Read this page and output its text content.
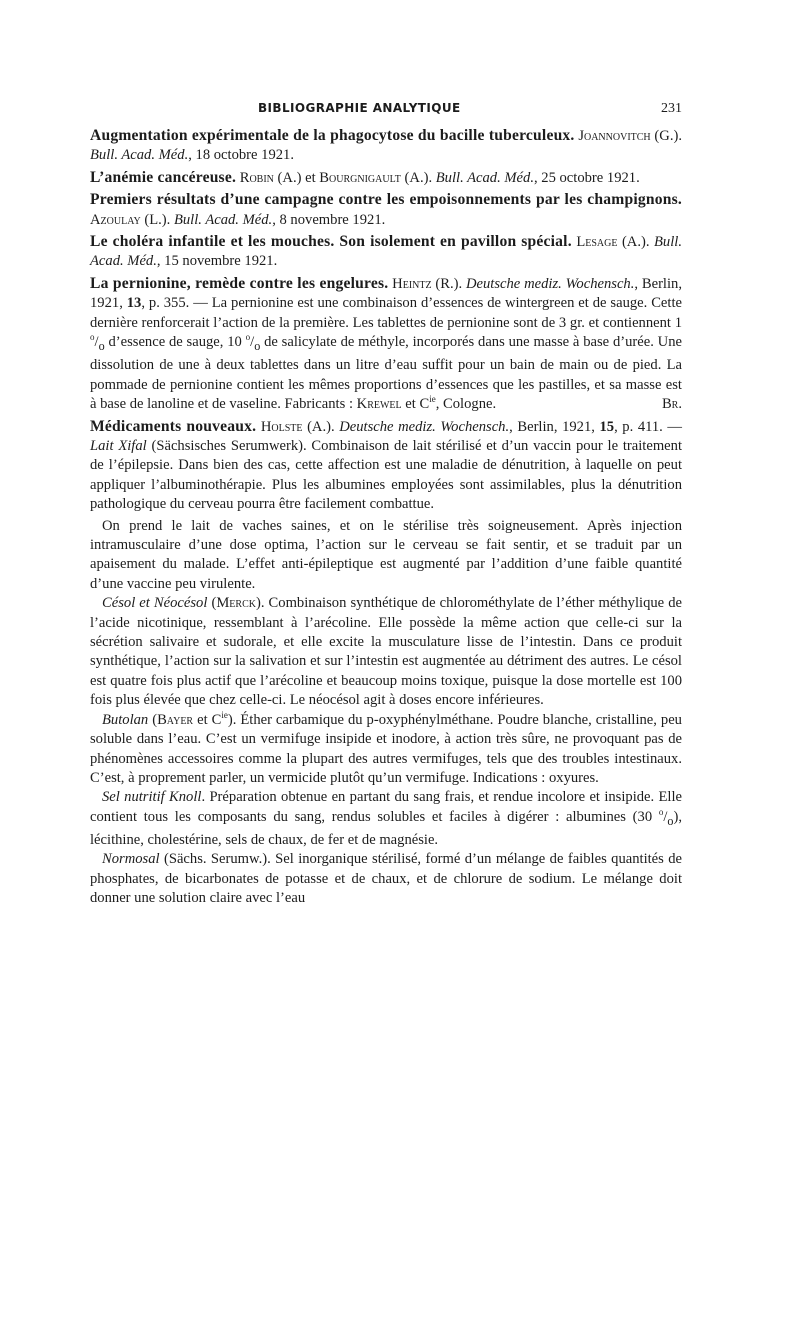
BIBLIOGRAPHIE ANALYTIQUE	231

Augmentation expérimentale de la phagocytose du bacille tuberculeux. Joannovitch (G.). Bull. Acad. Méd., 18 octobre 1921.

L’anémie cancéreuse. Robin (A.) et Bourgnigault (A.). Bull. Acad. Méd., 25 octobre 1921.

Premiers résultats d’une campagne contre les empoisonnements par les champignons. Azoulay (L.). Bull. Acad. Méd., 8 novembre 1921.

Le choléra infantile et les mouches. Son isolement en pavillon spécial. Lesage (A.). Bull. Acad. Méd., 15 novembre 1921.

La pernionine, remède contre les engelures. Heintz (R.). Deutsche mediz. Wochensch., Berlin, 1921, 13, p. 355. — La pernionine est une combinaison d’essences de wintergreen et de sauge. Cette dernière renforcerait l’action de la première. Les tablettes de pernionine sont de 3 gr. et contiennent 1 $^o/_o$ d’essence de sauge, 10 $^o/_o$ de salicylate de méthyle, incorporés dans une masse à base d’urée. Une dissolution de une à deux tablettes dans un litre d’eau suffit pour un bain de main ou de pied. La pommade de pernionine contient les mêmes proportions d’essences que les pastilles, et sa masse est à base de lanoline et de vaseline. Fabricants : Krewel et $C^{ie}$, Cologne.	Br.

Médicaments nouveaux. Holste (A.). Deutsche mediz. Wochensch., Berlin, 1921, 15, p. 411. — Lait Xifal (Sächsisches Serumwerk). Combinaison de lait stérilisé et d’un vaccin pour le traitement de l’épilepsie. Dans bien des cas, cette affection est une maladie de dénutrition, à laquelle on peut appliquer l’albuminothérapie. Plus les albumines employées sont assimilables, plus la dénutrition pathologique du cerveau pourra être facilement combattue.

On prend le lait de vaches saines, et on le stérilise très soigneusement. Après injection intramusculaire d’une dose optima, l’action sur le cerveau se fait sentir, et se traduit par un apaisement du malade. L’effet anti-épileptique est augmenté par l’addition d’une faible quantité d’une vaccine peu virulente.

Césol et Néocésol (Merck). Combinaison synthétique de chlorométhylate de l’éther méthylique de l’acide nicotinique, ressemblant à l’arécoline. Elle possède la même action que celle-ci sur la sécrétion salivaire et sudorale, et elle excite la musculature lisse de l’intestin. Dans ce produit synthétique, l’action sur la salivation et sur l’intestin est augmentée au détriment des autres. Le césol est quatre fois plus actif que l’arécoline et beaucoup moins toxique, puisque la dose mortelle est 100 fois plus élevée que chez celle-ci. Le néocésol agit à doses encore inférieures.

Butolan (Bayer et $C^{ie}$). Éther carbamique du p-oxyphénylméthane. Poudre blanche, cristalline, peu soluble dans l’eau. C’est un vermifuge insipide et inodore, à action très sûre, ne provoquant pas de phénomènes accessoires comme la plupart des autres vermifuges, tels que des troubles intestinaux. C’est, à proprement parler, un vermicide plutôt qu’un vermifuge. Indications : oxyures.

Sel nutritif Knoll. Préparation obtenue en partant du sang frais, et rendue incolore et insipide. Elle contient tous les composants du sang, rendus solubles et faciles à digérer : albumines (30 $^o/_o$), lécithine, cholestérine, sels de chaux, de fer et de magnésie.

Normosal (Sächs. Serumw.). Sel inorganique stérilisé, formé d’un mélange de faibles quantités de phosphates, de bicarbonates de potasse et de chaux, et de chlorure de sodium. Le mélange doit donner une solution claire avec l’eau
